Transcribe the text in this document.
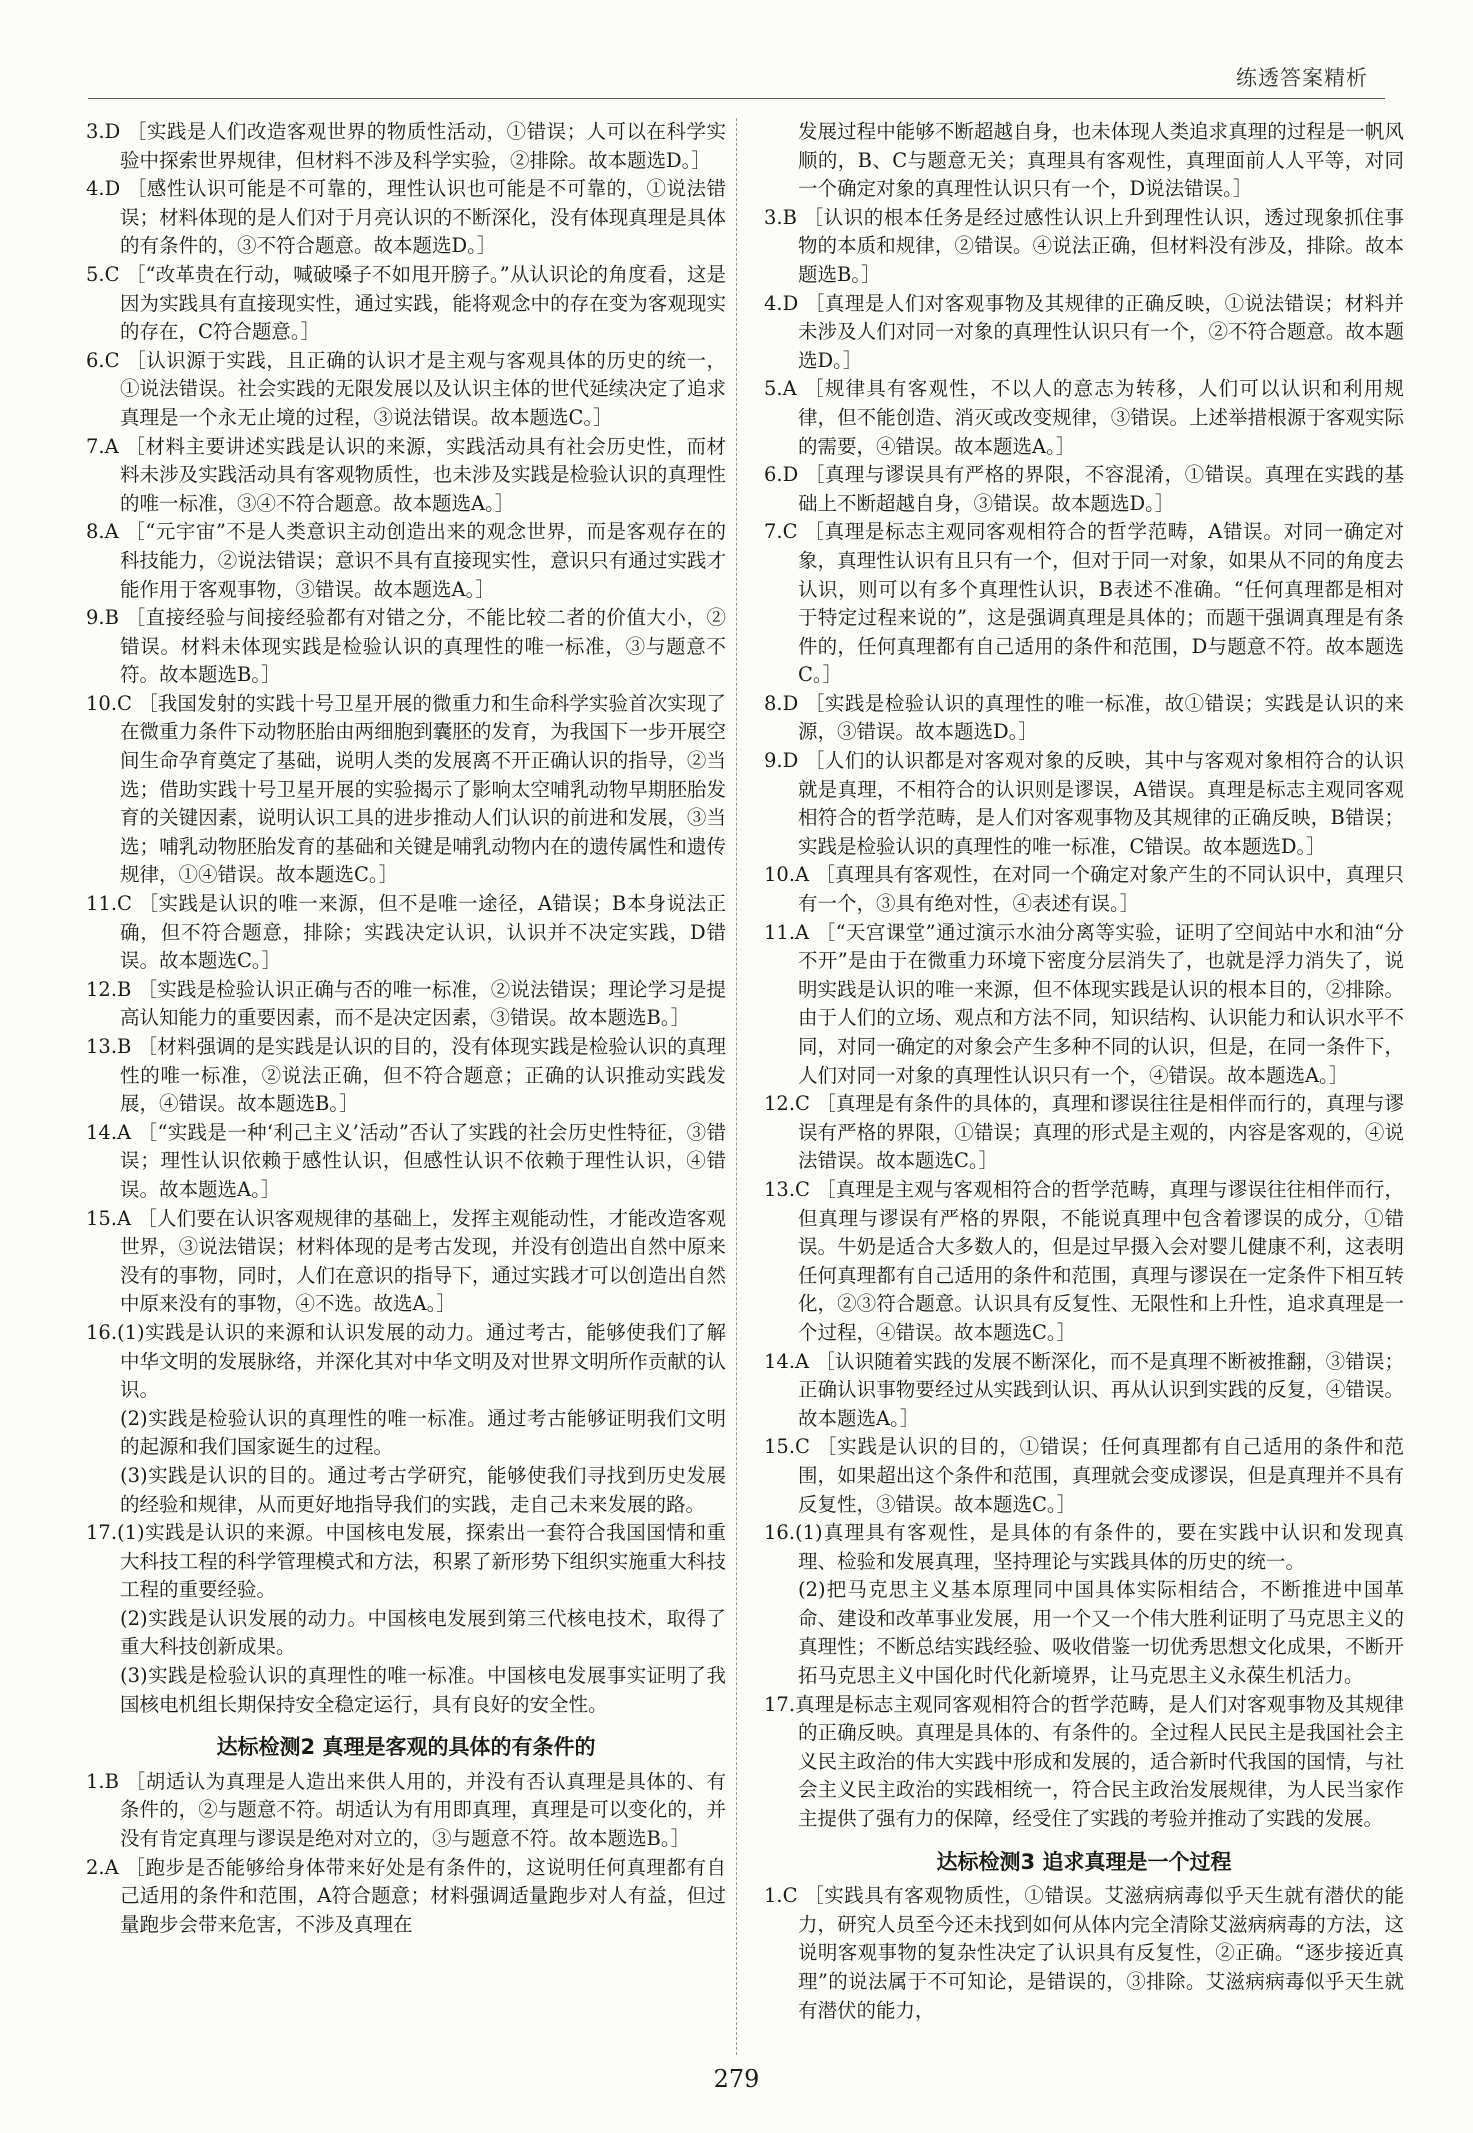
练透答案精析

3.D ［实践是人们改造客观世界的物质性活动，①错误；人可以在科学实验中探索世界规律，但材料不涉及科学实验，②排除。故本题选D。］

4.D ［感性认识可能是不可靠的，理性认识也可能是不可靠的，①说法错误；材料体现的是人们对于月亮认识的不断深化，没有体现真理是具体的有条件的，③不符合题意。故本题选D。］

5.C ［“改革贵在行动，喊破嗓子不如甩开膀子。”从认识论的角度看，这是因为实践具有直接现实性，通过实践，能将观念中的存在变为客观现实的存在，C符合题意。］

6.C ［认识源于实践，且正确的认识才是主观与客观具体的历史的统一，①说法错误。社会实践的无限发展以及认识主体的世代延续决定了追求真理是一个永无止境的过程，③说法错误。故本题选C。］

7.A ［材料主要讲述实践是认识的来源，实践活动具有社会历史性，而材料未涉及实践活动具有客观物质性，也未涉及实践是检验认识的真理性的唯一标准，③④不符合题意。故本题选A。］

8.A ［“元宇宙”不是人类意识主动创造出来的观念世界，而是客观存在的科技能力，②说法错误；意识不具有直接现实性，意识只有通过实践才能作用于客观事物，③错误。故本题选A。］

9.B ［直接经验与间接经验都有对错之分，不能比较二者的价值大小，②错误。材料未体现实践是检验认识的真理性的唯一标准，③与题意不符。故本题选B。］

10.C ［我国发射的实践十号卫星开展的微重力和生命科学实验首次实现了在微重力条件下动物胚胎由两细胞到囊胚的发育，为我国下一步开展空间生命孕育奠定了基础，说明人类的发展离不开正确认识的指导，②当选；借助实践十号卫星开展的实验揭示了影响太空哺乳动物早期胚胎发育的关键因素，说明认识工具的进步推动人们认识的前进和发展，③当选；哺乳动物胚胎发育的基础和关键是哺乳动物内在的遗传属性和遗传规律，①④错误。故本题选C。］

11.C ［实践是认识的唯一来源，但不是唯一途径，A错误；B本身说法正确，但不符合题意，排除；实践决定认识，认识并不决定实践，D错误。故本题选C。］

12.B ［实践是检验认识正确与否的唯一标准，②说法错误；理论学习是提高认知能力的重要因素，而不是决定因素，③错误。故本题选B。］

13.B ［材料强调的是实践是认识的目的，没有体现实践是检验认识的真理性的唯一标准，②说法正确，但不符合题意；正确的认识推动实践发展，④错误。故本题选B。］

14.A ［“实践是一种‘利己主义’活动”否认了实践的社会历史性特征，③错误；理性认识依赖于感性认识，但感性认识不依赖于理性认识，④错误。故本题选A。］

15.A ［人们要在认识客观规律的基础上，发挥主观能动性，才能改造客观世界，③说法错误；材料体现的是考古发现，并没有创造出自然中原来没有的事物，同时，人们在意识的指导下，通过实践才可以创造出自然中原来没有的事物，④不选。故选A。］

16.(1)实践是认识的来源和认识发展的动力。通过考古，能够使我们了解中华文明的发展脉络，并深化其对中华文明及对世界文明所作贡献的认识。

(2)实践是检验认识的真理性的唯一标准。通过考古能够证明我们文明的起源和我们国家诞生的过程。

(3)实践是认识的目的。通过考古学研究，能够使我们寻找到历史发展的经验和规律，从而更好地指导我们的实践，走自己未来发展的路。

17.(1)实践是认识的来源。中国核电发展，探索出一套符合我国国情和重大科技工程的科学管理模式和方法，积累了新形势下组织实施重大科技工程的重要经验。

(2)实践是认识发展的动力。中国核电发展到第三代核电技术，取得了重大科技创新成果。

(3)实践是检验认识的真理性的唯一标准。中国核电发展事实证明了我国核电机组长期保持安全稳定运行，具有良好的安全性。

达标检测2 真理是客观的具体的有条件的

1.B ［胡适认为真理是人造出来供人用的，并没有否认真理是具体的、有条件的，②与题意不符。胡适认为有用即真理，真理是可以变化的，并没有肯定真理与谬误是绝对对立的，③与题意不符。故本题选B。］

2.A ［跑步是否能够给身体带来好处是有条件的，这说明任何真理都有自己适用的条件和范围，A符合题意；材料强调适量跑步对人有益，但过量跑步会带来危害，不涉及真理在

发展过程中能够不断超越自身，也未体现人类追求真理的过程是一帆风顺的，B、C与题意无关；真理具有客观性，真理面前人人平等，对同一个确定对象的真理性认识只有一个，D说法错误。］

3.B ［认识的根本任务是经过感性认识上升到理性认识，透过现象抓住事物的本质和规律，②错误。④说法正确，但材料没有涉及，排除。故本题选B。］

4.D ［真理是人们对客观事物及其规律的正确反映，①说法错误；材料并未涉及人们对同一对象的真理性认识只有一个，②不符合题意。故本题选D。］

5.A ［规律具有客观性，不以人的意志为转移，人们可以认识和利用规律，但不能创造、消灭或改变规律，③错误。上述举措根源于客观实际的需要，④错误。故本题选A。］

6.D ［真理与谬误具有严格的界限，不容混淆，①错误。真理在实践的基础上不断超越自身，③错误。故本题选D。］

7.C ［真理是标志主观同客观相符合的哲学范畴，A错误。对同一确定对象，真理性认识有且只有一个，但对于同一对象，如果从不同的角度去认识，则可以有多个真理性认识，B表述不准确。“任何真理都是相对于特定过程来说的”，这是强调真理是具体的；而题干强调真理是有条件的，任何真理都有自己适用的条件和范围，D与题意不符。故本题选C。］

8.D ［实践是检验认识的真理性的唯一标准，故①错误；实践是认识的来源，③错误。故本题选D。］

9.D ［人们的认识都是对客观对象的反映，其中与客观对象相符合的认识就是真理，不相符合的认识则是谬误，A错误。真理是标志主观同客观相符合的哲学范畴，是人们对客观事物及其规律的正确反映，B错误；实践是检验认识的真理性的唯一标准，C错误。故本题选D。］

10.A ［真理具有客观性，在对同一个确定对象产生的不同认识中，真理只有一个，③具有绝对性，④表述有误。］

11.A ［“天宫课堂”通过演示水油分离等实验，证明了空间站中水和油“分不开”是由于在微重力环境下密度分层消失了，也就是浮力消失了，说明实践是认识的唯一来源，但不体现实践是认识的根本目的，②排除。由于人们的立场、观点和方法不同，知识结构、认识能力和认识水平不同，对同一确定的对象会产生多种不同的认识，但是，在同一条件下，人们对同一对象的真理性认识只有一个，④错误。故本题选A。］

12.C ［真理是有条件的具体的，真理和谬误往往是相伴而行的，真理与谬误有严格的界限，①错误；真理的形式是主观的，内容是客观的，④说法错误。故本题选C。］

13.C ［真理是主观与客观相符合的哲学范畴，真理与谬误往往相伴而行，但真理与谬误有严格的界限，不能说真理中包含着谬误的成分，①错误。牛奶是适合大多数人的，但是过早摄入会对婴儿健康不利，这表明任何真理都有自己适用的条件和范围，真理与谬误在一定条件下相互转化，②③符合题意。认识具有反复性、无限性和上升性，追求真理是一个过程，④错误。故本题选C。］

14.A ［认识随着实践的发展不断深化，而不是真理不断被推翻，③错误；正确认识事物要经过从实践到认识、再从认识到实践的反复，④错误。故本题选A。］

15.C ［实践是认识的目的，①错误；任何真理都有自己适用的条件和范围，如果超出这个条件和范围，真理就会变成谬误，但是真理并不具有反复性，③错误。故本题选C。］

16.(1)真理具有客观性，是具体的有条件的，要在实践中认识和发现真理、检验和发展真理，坚持理论与实践具体的历史的统一。

(2)把马克思主义基本原理同中国具体实际相结合，不断推进中国革命、建设和改革事业发展，用一个又一个伟大胜利证明了马克思主义的真理性；不断总结实践经验、吸收借鉴一切优秀思想文化成果，不断开拓马克思主义中国化时代化新境界，让马克思主义永葆生机活力。

17.真理是标志主观同客观相符合的哲学范畴，是人们对客观事物及其规律的正确反映。真理是具体的、有条件的。全过程人民民主是我国社会主义民主政治的伟大实践中形成和发展的，适合新时代我国的国情，与社会主义民主政治的实践相统一，符合民主政治发展规律，为人民当家作主提供了强有力的保障，经受住了实践的考验并推动了实践的发展。

达标检测3 追求真理是一个过程

1.C ［实践具有客观物质性，①错误。艾滋病病毒似乎天生就有潜伏的能力，研究人员至今还未找到如何从体内完全清除艾滋病病毒的方法，这说明客观事物的复杂性决定了认识具有反复性，②正确。“逐步接近真理”的说法属于不可知论，是错误的，③排除。艾滋病病毒似乎天生就有潜伏的能力，

279
